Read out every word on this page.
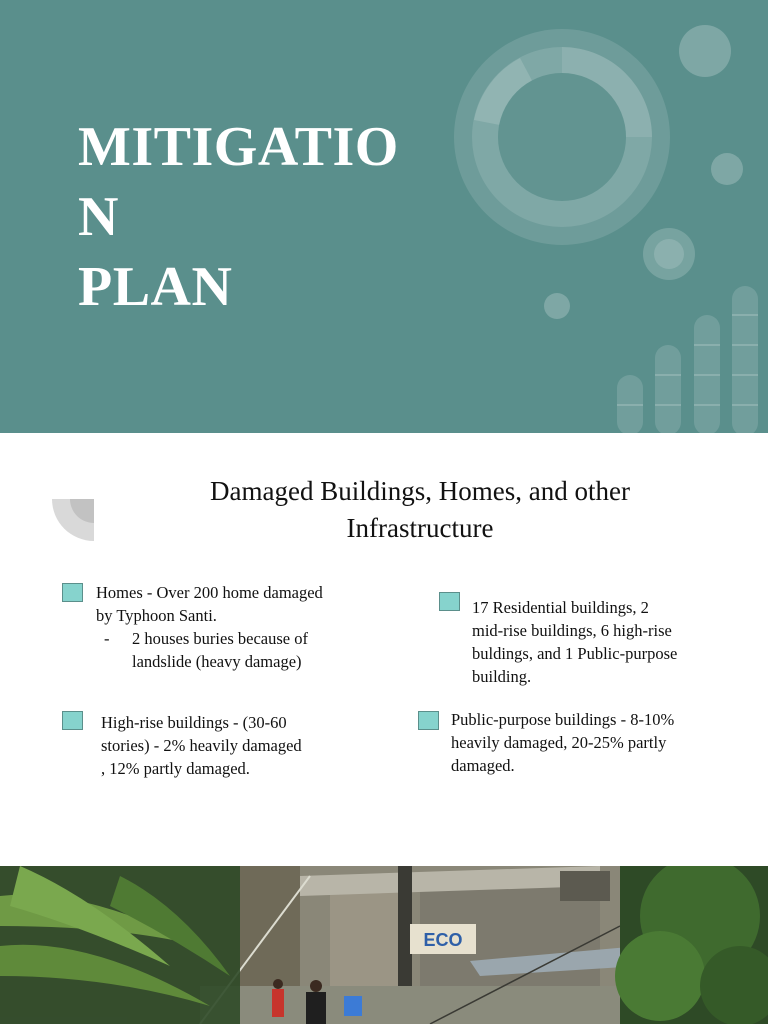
MITIGATIO
N
PLAN
Damaged Buildings, Homes, and other Infrastructure

Homes - Over 200 home damaged

by Typhoon Santi.

-	2 houses buries because of

landslide (heavy damage)

High-rise buildings - (30-60

stories) - 2% heavily damaged

, 12% partly damaged.

17 Residential buildings, 2

mid-rise buildings, 6 high-rise

buldings, and 1 Public-purpose

building.

Public-purpose buildings - 8-10%

heavily damaged, 20-25% partly

damaged.

ECO
